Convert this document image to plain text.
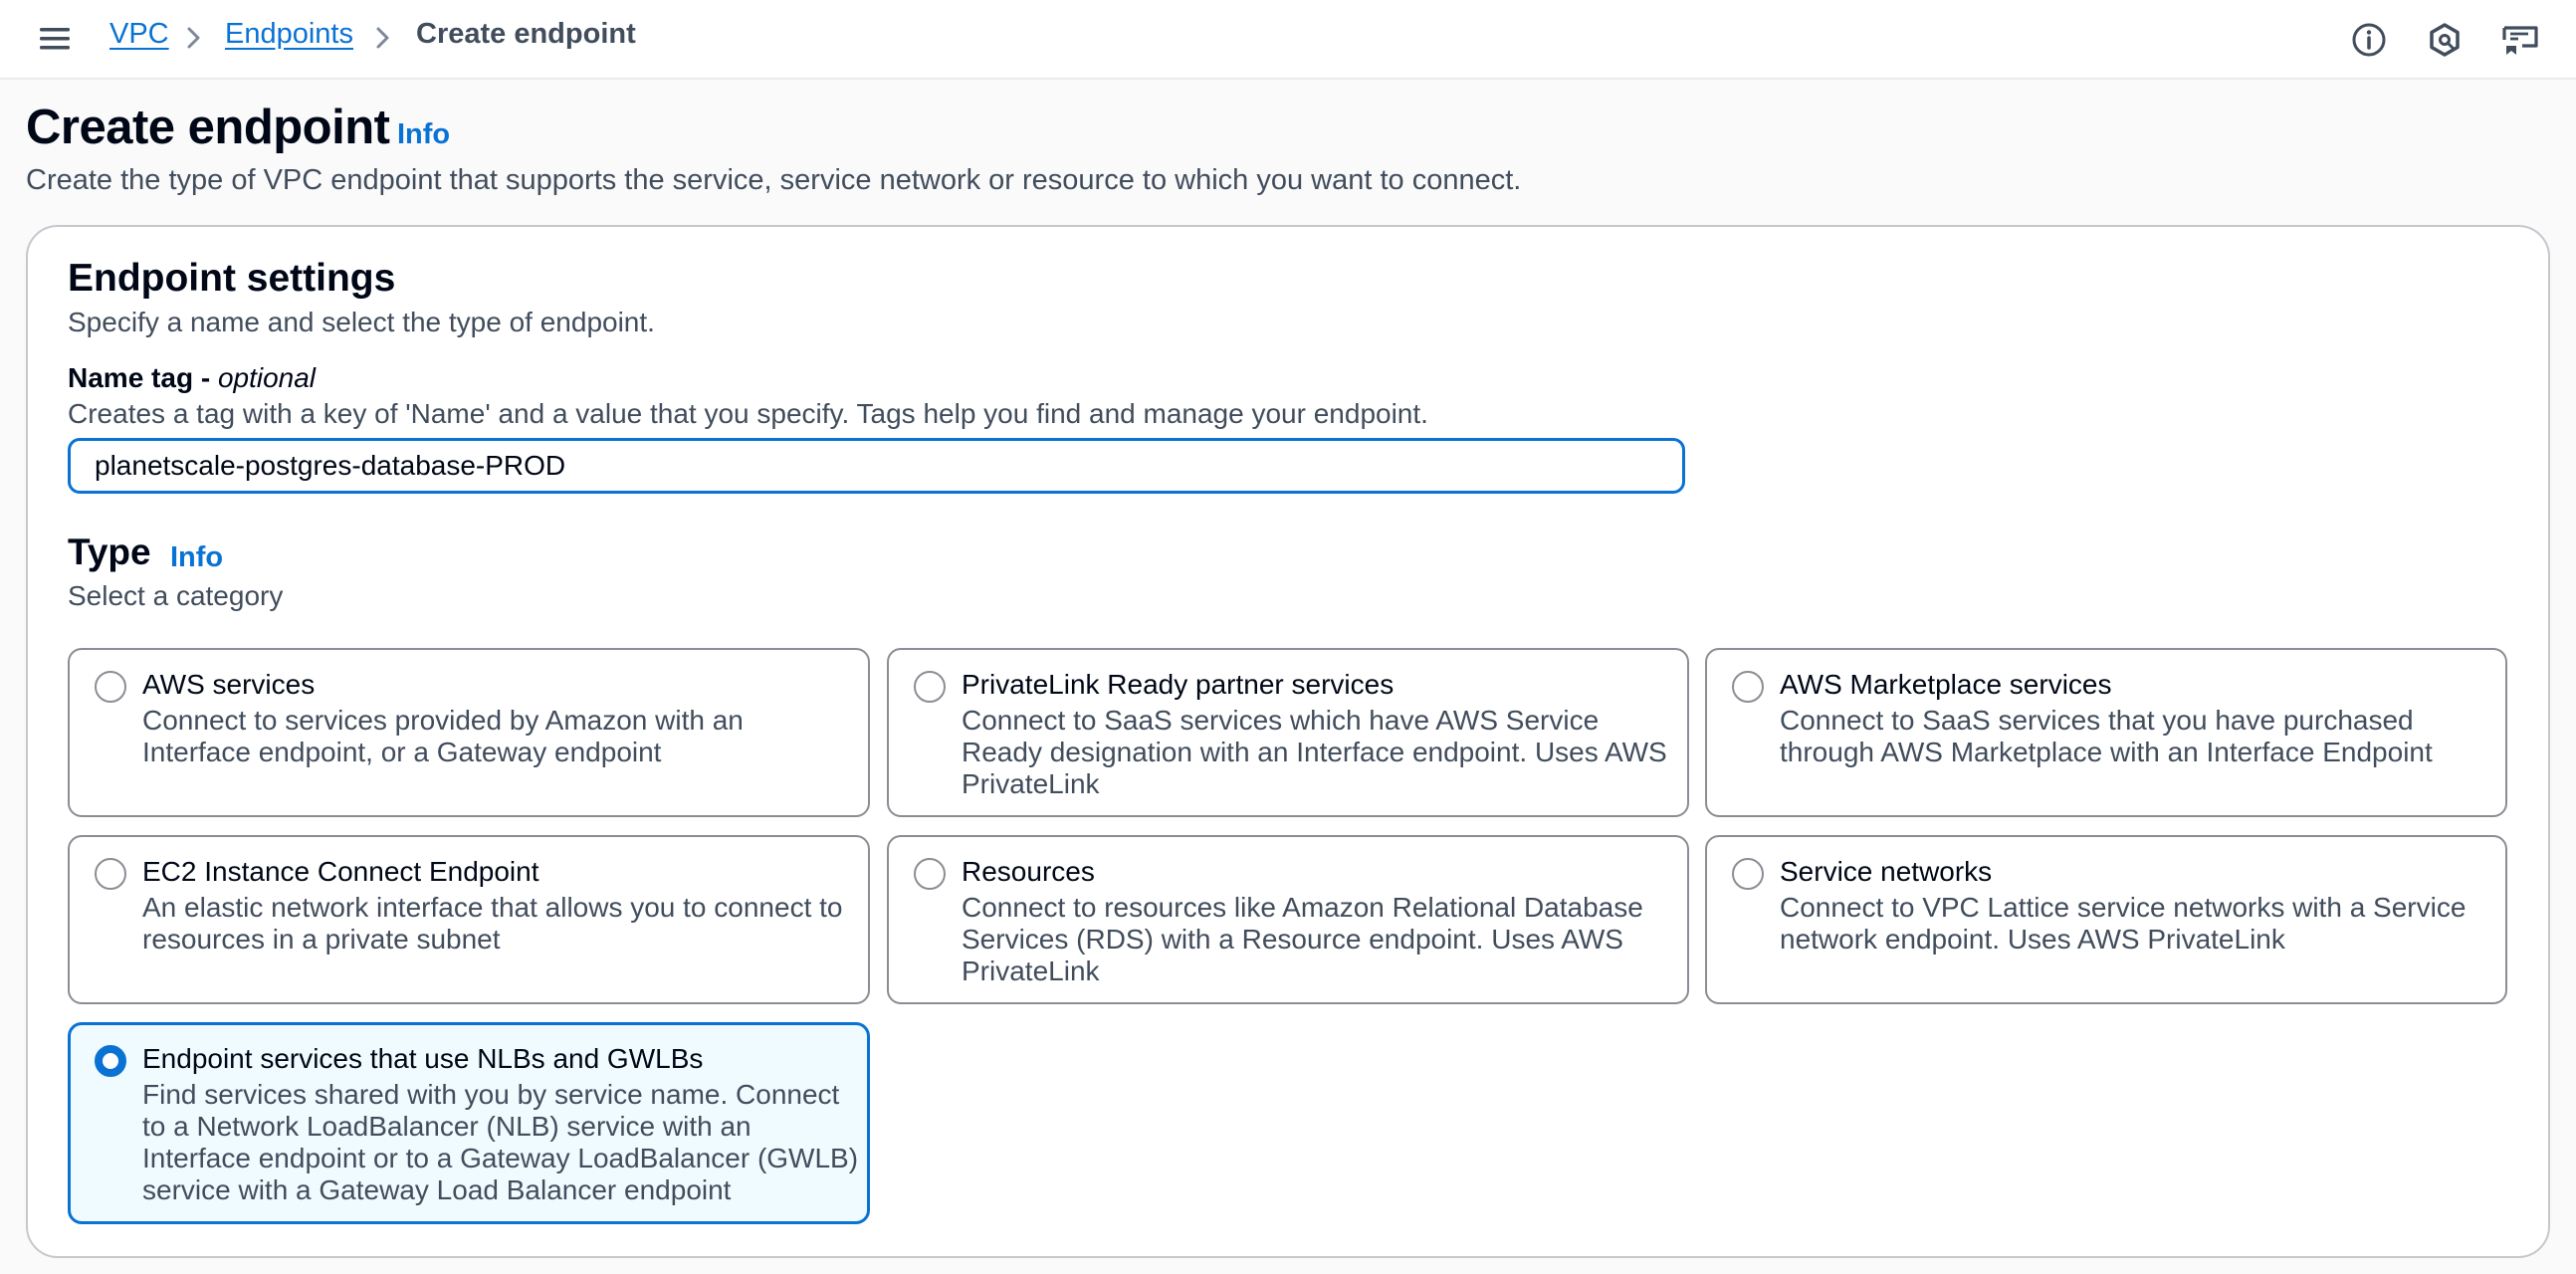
VPC Endpoints Create endpoint
Create endpoint Info

Create the type of VPC endpoint that supports the service, service network or resource to which you want to connect.

Endpoint settings

Specify a name and select the type of endpoint.

Name tag - optional

Creates a tag with a key of 'Name' and a value that you specify. Tags help you find and manage your endpoint.

planetscale-postgres-database-PROD
Type Info

Select a category

AWS services
Connect to services provided by Amazon with an Interface endpoint, or a Gateway endpoint
PrivateLink Ready partner services
Connect to SaaS services which have AWS Service Ready designation with an Interface endpoint. Uses AWS PrivateLink
AWS Marketplace services
Connect to SaaS services that you have purchased through AWS Marketplace with an Interface Endpoint
EC2 Instance Connect Endpoint
An elastic network interface that allows you to connect to resources in a private subnet
Resources
Connect to resources like Amazon Relational Database Services (RDS) with a Resource endpoint. Uses AWS PrivateLink
Service networks
Connect to VPC Lattice service networks with a Service network endpoint. Uses AWS PrivateLink
Endpoint services that use NLBs and GWLBs
Find services shared with you by service name. Connect to a Network LoadBalancer (NLB) service with an Interface endpoint or to a Gateway LoadBalancer (GWLB) service with a Gateway Load Balancer endpoint
